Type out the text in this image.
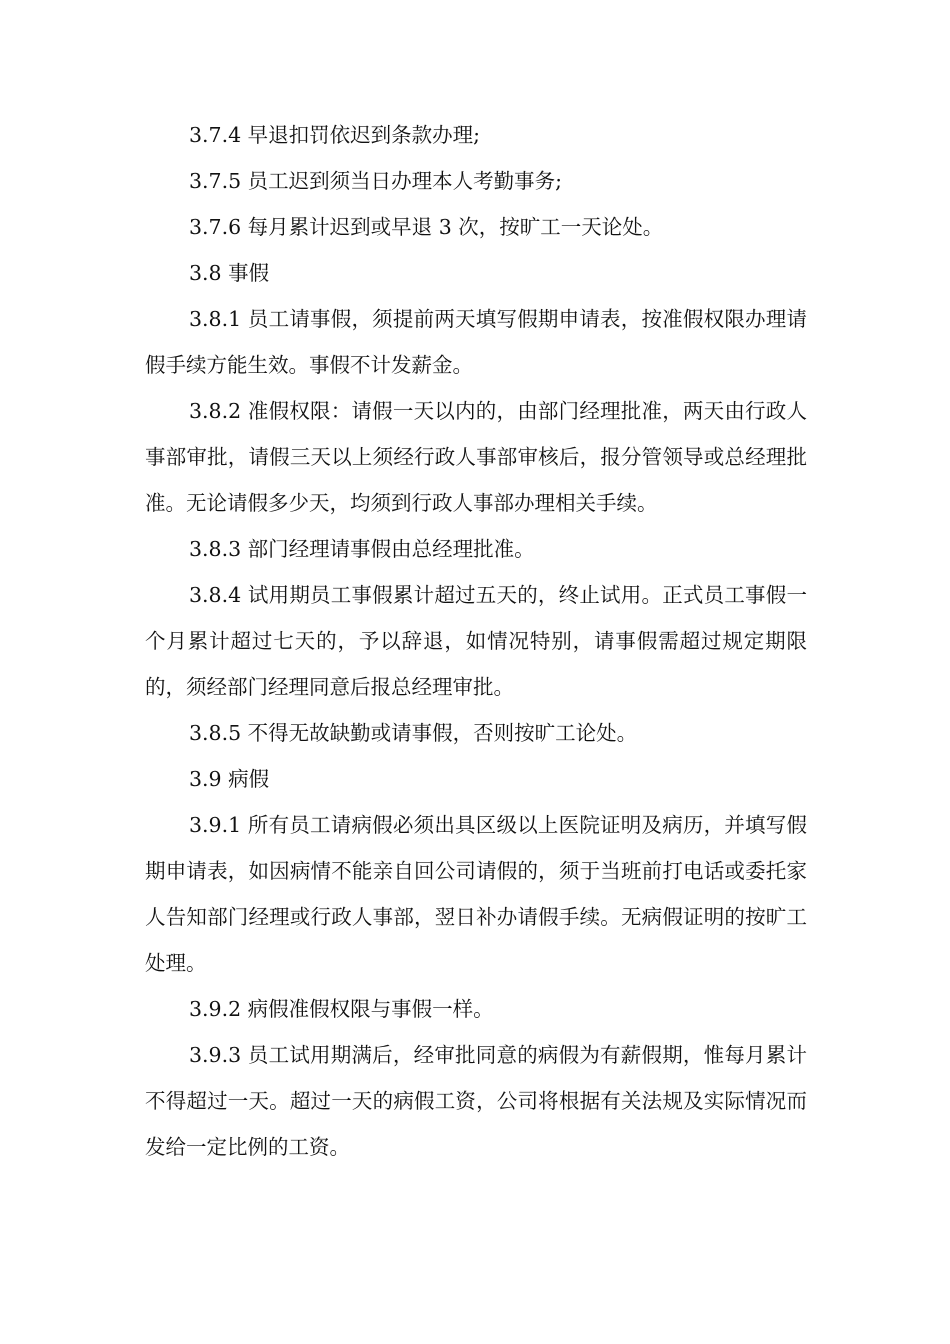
3.7.4 早退扣罚依迟到条款办理;

3.7.5 员工迟到须当日办理本人考勤事务;

3.7.6 每月累计迟到或早退 3 次，按旷工一天论处。

3.8 事假

3.8.1 员工请事假，须提前两天填写假期申请表，按准假权限办理请假手续方能生效。事假不计发薪金。

3.8.2 准假权限：请假一天以内的，由部门经理批准，两天由行政人事部审批，请假三天以上须经行政人事部审核后，报分管领导或总经理批准。无论请假多少天，均须到行政人事部办理相关手续。

3.8.3 部门经理请事假由总经理批准。

3.8.4 试用期员工事假累计超过五天的，终止试用。正式员工事假一个月累计超过七天的，予以辞退，如情况特别，请事假需超过规定期限的，须经部门经理同意后报总经理审批。

3.8.5 不得无故缺勤或请事假，否则按旷工论处。

3.9 病假

3.9.1 所有员工请病假必须出具区级以上医院证明及病历，并填写假期申请表，如因病情不能亲自回公司请假的，须于当班前打电话或委托家人告知部门经理或行政人事部，翌日补办请假手续。无病假证明的按旷工处理。

3.9.2 病假准假权限与事假一样。

3.9.3 员工试用期满后，经审批同意的病假为有薪假期，惟每月累计不得超过一天。超过一天的病假工资，公司将根据有关法规及实际情况而发给一定比例的工资。
